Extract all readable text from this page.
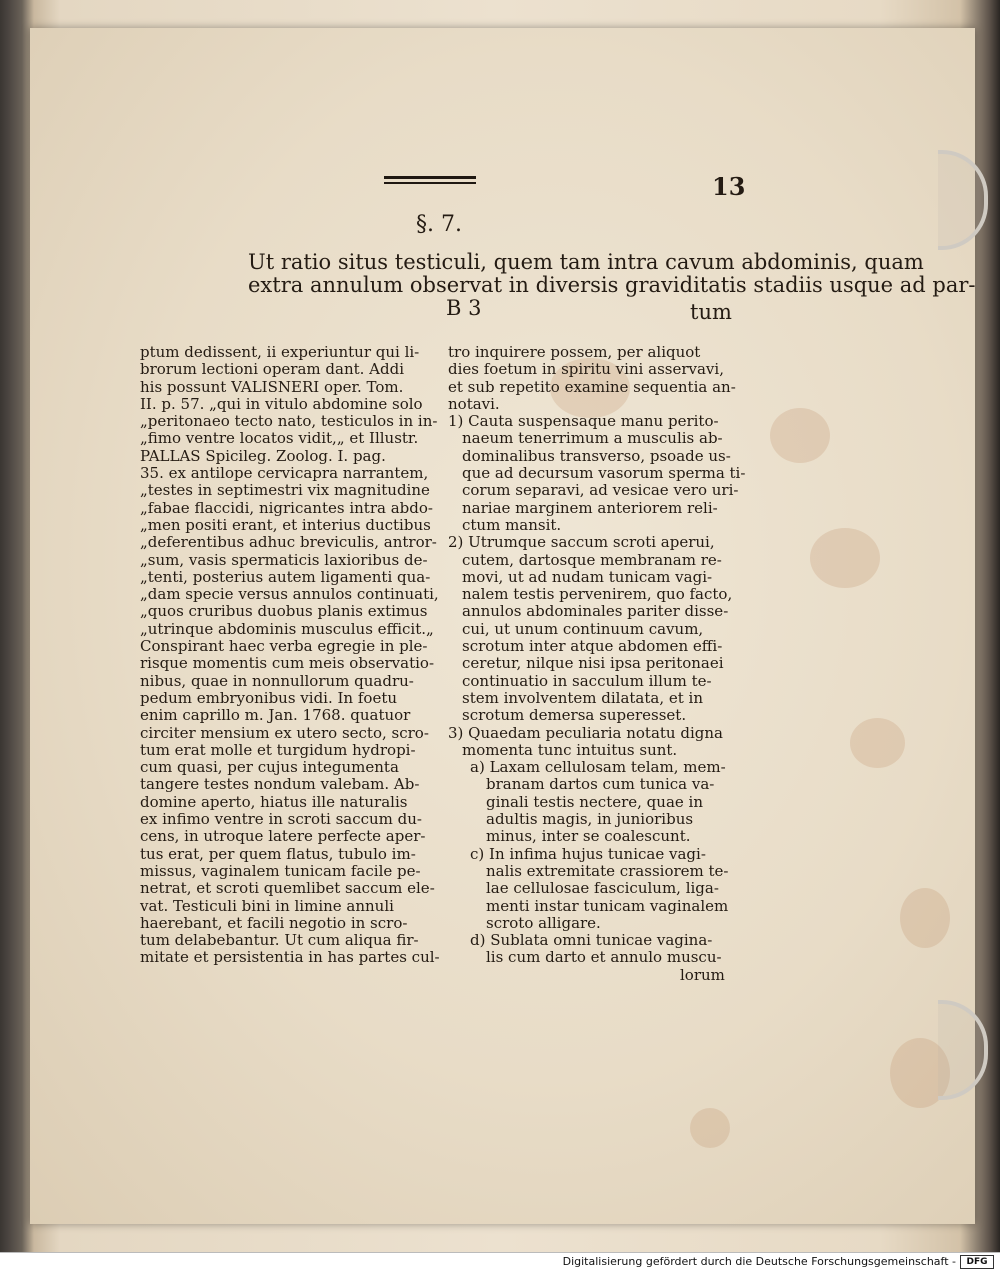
13
§. 7.
Ut ratio situs testiculi, quem tam intra cavum abdominis, quam
extra annulum observat in diversis graviditatis stadiis usque ad par-
B 3	tum
ptum dedissent, ii experiuntur qui li-
brorum lectioni operam dant. Addi
his possunt VALISNERI oper. Tom.
II. p. 57. „qui in vitulo abdomine solo
„peritonaeo tecto nato, testiculos in in-
„fimo ventre locatos vidit,„ et Illustr.
PALLAS Spicileg. Zoolog. I. pag.
35. ex antilope cervicapra narrantem,
„testes in septimestri vix magnitudine
„fabae flaccidi, nigricantes intra abdo-
„men positi erant, et interius ductibus
„deferentibus adhuc breviculis, antror-
„sum, vasis spermaticis laxioribus de-
„tenti, posterius autem ligamenti qua-
„dam specie versus annulos continuati,
„quos cruribus duobus planis extimus
„utrinque abdominis musculus efficit.„
Conspirant haec verba egregie in ple-
risque momentis cum meis observatio-
nibus, quae in nonnullorum quadru-
pedum embryonibus vidi. In foetu
enim caprillo m. Jan. 1768. quatuor
circiter mensium ex utero secto, scro-
tum erat molle et turgidum hydropi-
cum quasi, per cujus integumenta
tangere testes nondum valebam. Ab-
domine aperto, hiatus ille naturalis
ex infimo ventre in scroti saccum du-
cens, in utroque latere perfecte aper-
tus erat, per quem flatus, tubulo im-
missus, vaginalem tunicam facile pe-
netrat, et scroti quemlibet saccum ele-
vat. Testiculi bini in limine annuli
haerebant, et facili negotio in scro-
tum delabebantur. Ut cum aliqua fir-
mitate et persistentia in has partes cul-
tro inquirere possem, per aliquot
dies foetum in spiritu vini asservavi,
et sub repetito examine sequentia an-
notavi.
1) Cauta suspensaque manu perito-
naeum tenerrimum a musculis ab-
dominalibus transverso, psoade us-
que ad decursum vasorum sperma ti-
corum separavi, ad vesicae vero uri-
nariae marginem anteriorem reli-
ctum mansit.
2) Utrumque saccum scroti aperui,
cutem, dartosque membranam re-
movi, ut ad nudam tunicam vagi-
nalem testis pervenirem, quo facto,
annulos abdominales pariter disse-
cui, ut unum continuum cavum,
scrotum inter atque abdomen effi-
ceretur, nilque nisi ipsa peritonaei
continuatio in sacculum illum te-
stem involventem dilatata, et in
scrotum demersa superesset.
3) Quaedam peculiaria notatu digna
momenta tunc intuitus sunt.
a) Laxam cellulosam telam, mem-
branam dartos cum tunica va-
ginali testis nectere, quae in
adultis magis, in junioribus
minus, inter se coalescunt.
c) In infima hujus tunicae vagi-
nalis extremitate crassiorem te-
lae cellulosae fasciculum, liga-
menti instar tunicam vaginalem
scroto alligare.
d) Sublata omni tunicae vagina-
lis cum darto et annulo muscu-
lorum
Digitalisierung gefördert durch die Deutsche Forschungsgemeinschaft -	DFG
